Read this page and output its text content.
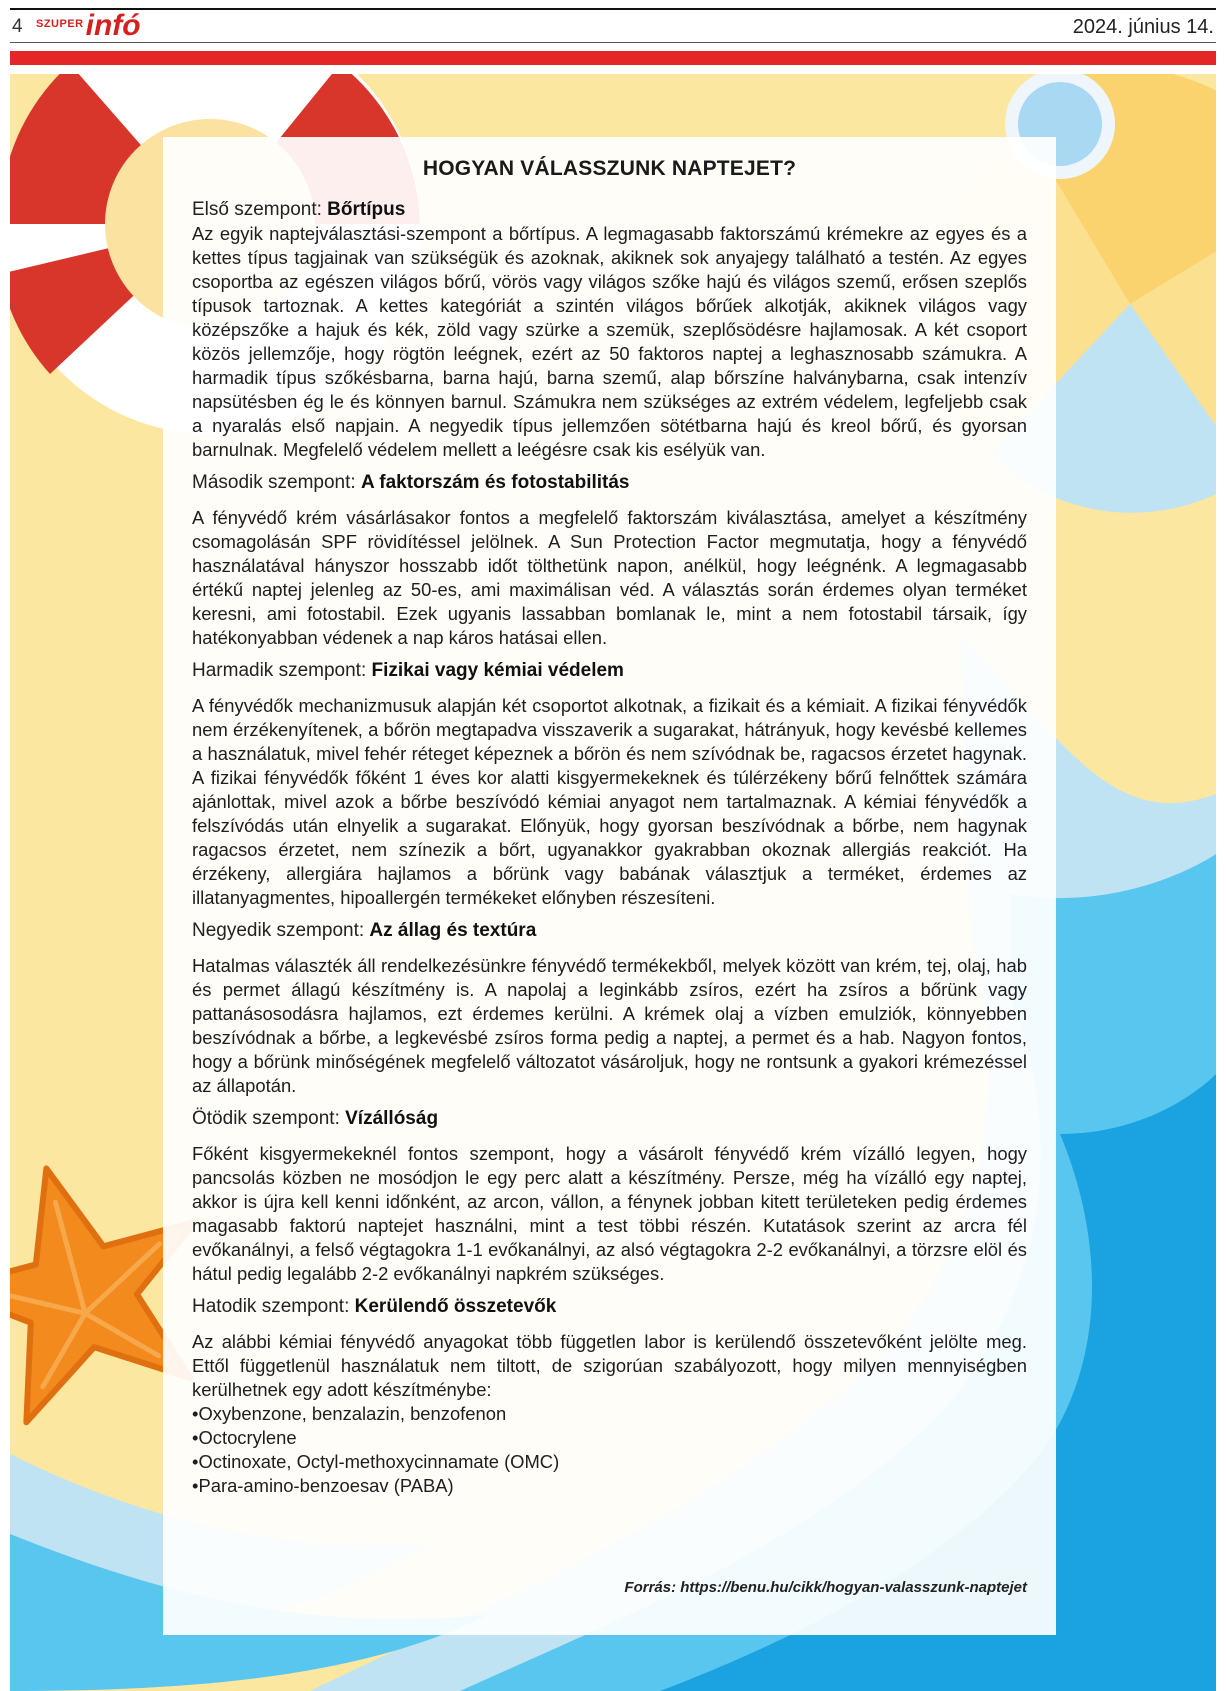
4 SZUPER infó	2024. június 14.
HOGYAN VÁLASSZUNK NAPTEJET?

Első szempont: Bőrtípus

Az egyik naptejválasztási-szempont a bőrtípus. A legmagasabb faktorszámú krémekre az egyes és a kettes típus tagjainak van szükségük és azoknak, akiknek sok anyajegy található a testén. Az egyes csoportba az egészen világos bőrű, vörös vagy világos szőke hajú és világos szemű, erősen szeplős típusok tartoznak. A kettes kategóriát a szintén világos bőrűek alkotják, akiknek világos vagy középszőke a hajuk és kék, zöld vagy szürke a szemük, szeplősödésre hajlamosak. A két csoport közös jellemzője, hogy rögtön leégnek, ezért az 50 faktoros naptej a leghasznosabb számukra. A harmadik típus szőkésbarna, barna hajú, barna szemű, alap bőrszíne halványbarna, csak intenzív napsütésben ég le és könnyen barnul. Számukra nem szükséges az extrém védelem, legfeljebb csak a nyaralás első napjain. A negyedik típus jellemzően sötétbarna hajú és kreol bőrű, és gyorsan barnulnak. Megfelelő védelem mellett a leégésre csak kis esélyük van.

Második szempont: A faktorszám és fotostabilitás

A fényvédő krém vásárlásakor fontos a megfelelő faktorszám kiválasztása, amelyet a készítmény csomagolásán SPF rövidítéssel jelölnek. A Sun Protection Factor megmutatja, hogy a fényvédő használatával hányszor hosszabb időt tölthetünk napon, anélkül, hogy leégnénk. A legmagasabb értékű naptej jelenleg az 50-es, ami maximálisan véd. A választás során érdemes olyan terméket keresni, ami fotostabil. Ezek ugyanis lassabban bomlanak le, mint a nem fotostabil társaik, így hatékonyabban védenek a nap káros hatásai ellen.

Harmadik szempont: Fizikai vagy kémiai védelem

A fényvédők mechanizmusuk alapján két csoportot alkotnak, a fizikait és a kémiait. A fizikai fényvédők nem érzékenyítenek, a bőrön megtapadva visszaverik a sugarakat, hátrányuk, hogy kevésbé kellemes a használatuk, mivel fehér réteget képeznek a bőrön és nem szívódnak be, ragacsos érzetet hagynak. A fizikai fényvédők főként 1 éves kor alatti kisgyermekeknek és túlérzékeny bőrű felnőttek számára ajánlottak, mivel azok a bőrbe beszívódó kémiai anyagot nem tartalmaznak. A kémiai fényvédők a felszívódás után elnyelik a sugarakat. Előnyük, hogy gyorsan beszívódnak a bőrbe, nem hagynak ragacsos érzetet, nem színezik a bőrt, ugyanakkor gyakrabban okoznak allergiás reakciót. Ha érzékeny, allergiára hajlamos a bőrünk vagy babának választjuk a terméket, érdemes az illatanyagmentes, hipoallergén termékeket előnyben részesíteni.

Negyedik szempont: Az állag és textúra

Hatalmas választék áll rendelkezésünkre fényvédő termékekből, melyek között van krém, tej, olaj, hab és permet állagú készítmény is. A napolaj a leginkább zsíros, ezért ha zsíros a bőrünk vagy pattanásosodásra hajlamos, ezt érdemes kerülni. A krémek olaj a vízben emulziók, könnyebben beszívódnak a bőrbe, a legkevésbé zsíros forma pedig a naptej, a permet és a hab. Nagyon fontos, hogy a bőrünk minőségének megfelelő változatot vásároljuk, hogy ne rontsunk a gyakori krémezéssel az állapotán.

Ötödik szempont: Vízállóság

Főként kisgyermekeknél fontos szempont, hogy a vásárolt fényvédő krém vízálló legyen, hogy pancsolás közben ne mosódjon le egy perc alatt a készítmény. Persze, még ha vízálló egy naptej, akkor is újra kell kenni időnként, az arcon, vállon, a fénynek jobban kitett területeken pedig érdemes magasabb faktorú naptejet használni, mint a test többi részén. Kutatások szerint az arcra fél evőkanálnyi, a felső végtagokra 1-1 evőkanálnyi, az alsó végtagokra 2-2 evőkanálnyi, a törzsre elöl és hátul pedig legalább 2-2 evőkanálnyi napkrém szükséges.

Hatodik szempont: Kerülendő összetevők

Az alábbi kémiai fényvédő anyagokat több független labor is kerülendő összetevőként jelölte meg. Ettől függetlenül használatuk nem tiltott, de szigorúan szabályozott, hogy milyen mennyiségben kerülhetnek egy adott készítménybe:

• Oxybenzone, benzalazin, benzofenon
• Octocrylene
• Octinoxate, Octyl-methoxycinnamate (OMC)
• Para-amino-benzoesav (PABA)
Forrás: https://benu.hu/cikk/hogyan-valasszunk-naptejet
